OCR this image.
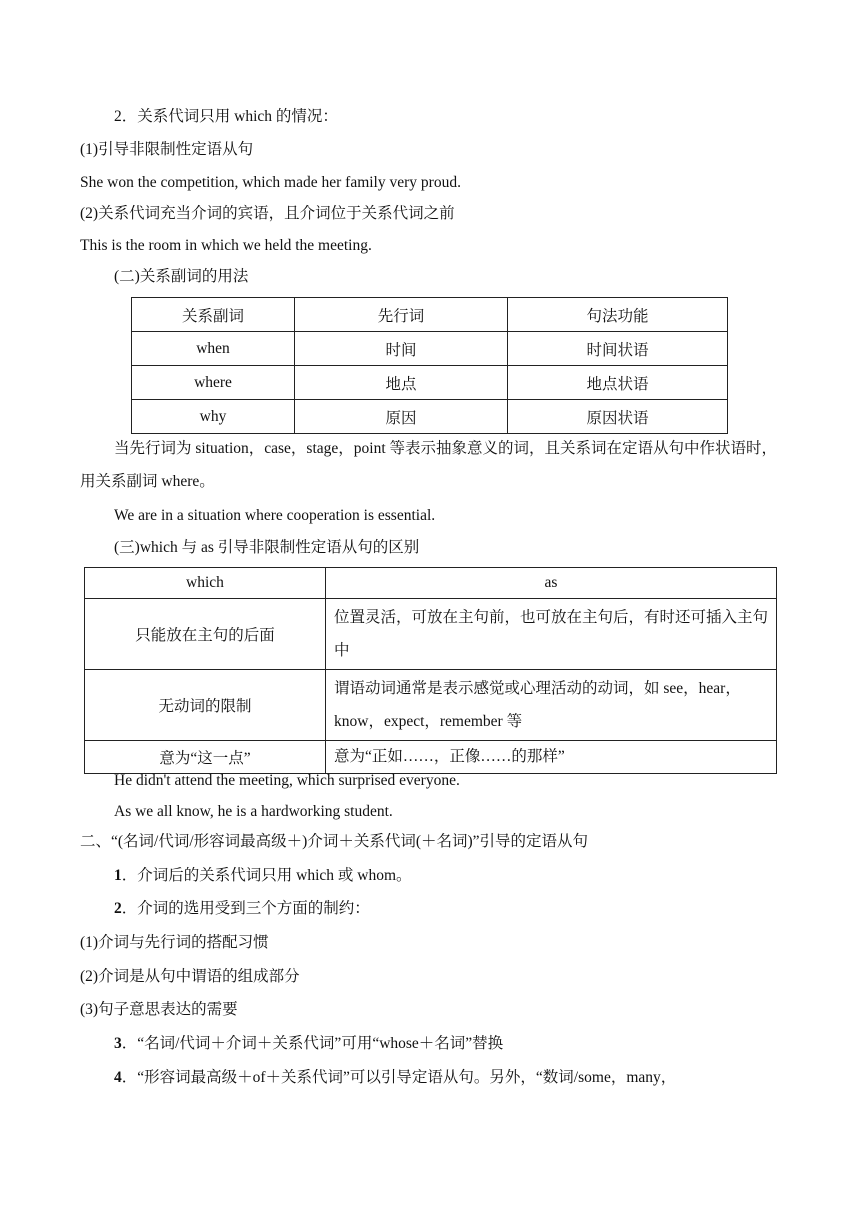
2．关系代词只用 which 的情况：
(1)引导非限制性定语从句
She won the competition, which made her family very proud.
(2)关系代词充当介词的宾语，且介词位于关系代词之前
This is the room in which we held the meeting.
(二)关系副词的用法
关系副词	先行词	句法功能
when	时间	时间状语
where	地点	地点状语
why	原因	原因状语
当先行词为 situation，case，stage，point 等表示抽象意义的词，且关系词在定语从句中作状语时，用关系副词 where。
We are in a situation where cooperation is essential.
(三)which 与 as 引导非限制性定语从句的区别
which	as
只能放在主句的后面	位置灵活，可放在主句前，也可放在主句后，有时还可插入主句中
无动词的限制	谓语动词通常是表示感觉或心理活动的动词，如 see，hear，know，expect，remember 等
意为“这一点”	意为“正如……，正像……的那样”
He didn't attend the meeting, which surprised everyone.
As we all know, he is a hardworking student.
二、“(名词/代词/形容词最高级＋)介词＋关系代词(＋名词)”引导的定语从句
1．介词后的关系代词只用 which 或 whom。
2．介词的选用受到三个方面的制约：
(1)介词与先行词的搭配习惯
(2)介词是从句中谓语的组成部分
(3)句子意思表达的需要
3．“名词/代词＋介词＋关系代词”可用“whose＋名词”替换
4．“形容词最高级＋of＋关系代词”可以引导定语从句。另外，“数词/some，many，
